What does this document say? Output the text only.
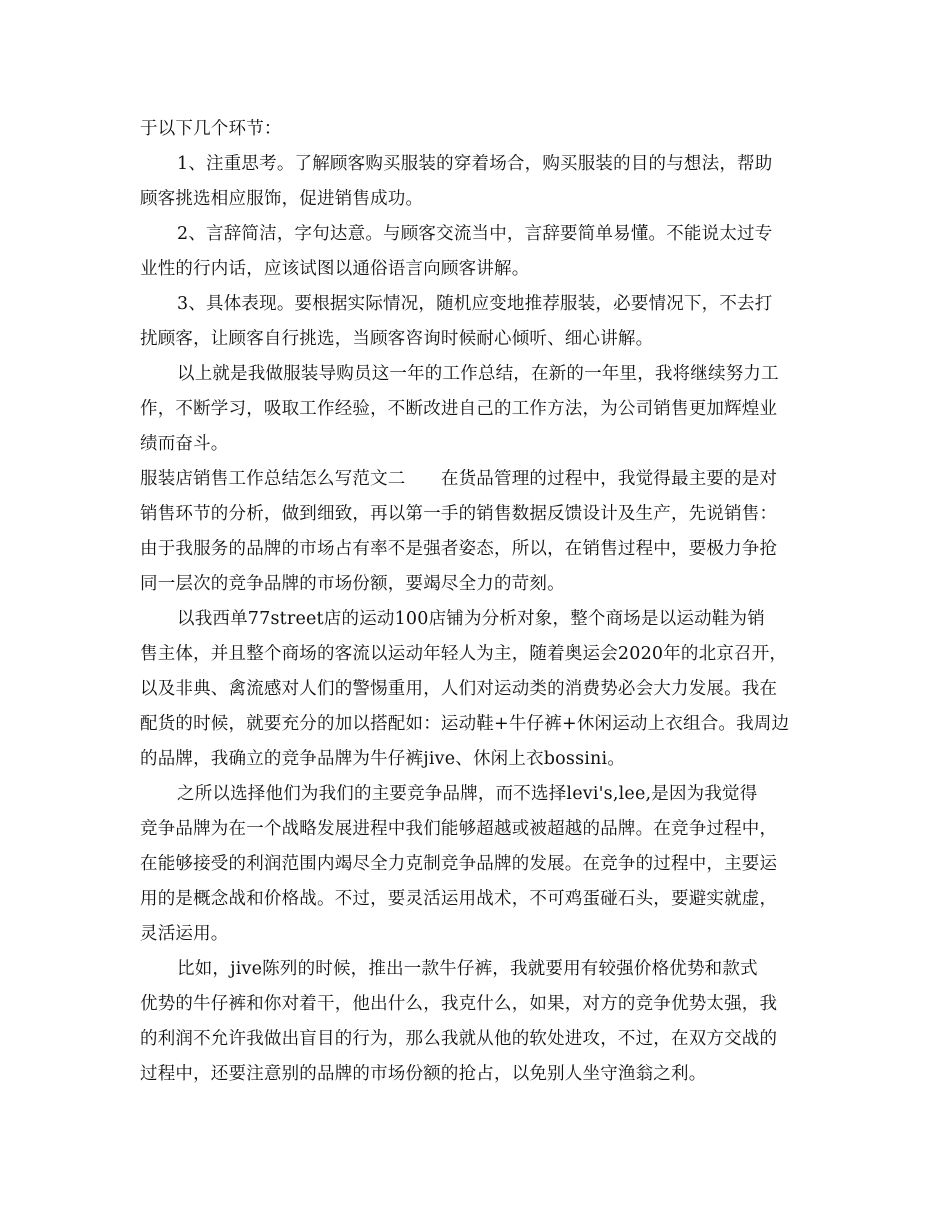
于以下几个环节：
1、注重思考。了解顾客购买服装的穿着场合，购买服装的目的与想法，帮助
顾客挑选相应服饰，促进销售成功。
2、言辞简洁，字句达意。与顾客交流当中，言辞要简单易懂。不能说太过专
业性的行内话，应该试图以通俗语言向顾客讲解。
3、具体表现。要根据实际情况，随机应变地推荐服装，必要情况下，不去打
扰顾客，让顾客自行挑选，当顾客咨询时候耐心倾听、细心讲解。
以上就是我做服装导购员这一年的工作总结，在新的一年里，我将继续努力工
作，不断学习，吸取工作经验，不断改进自己的工作方法，为公司销售更加辉煌业
绩而奋斗。
服装店销售工作总结怎么写范文二　　在货品管理的过程中，我觉得最主要的是对
销售环节的分析，做到细致，再以第一手的销售数据反馈设计及生产，先说销售：
由于我服务的品牌的市场占有率不是强者姿态，所以，在销售过程中，要极力争抢
同一层次的竞争品牌的市场份额，要竭尽全力的苛刻。
以我西单77street店的运动100店铺为分析对象，整个商场是以运动鞋为销
售主体，并且整个商场的客流以运动年轻人为主，随着奥运会2020年的北京召开，
以及非典、禽流感对人们的警惕重用，人们对运动类的消费势必会大力发展。我在
配货的时候，就要充分的加以搭配如：运动鞋+牛仔裤+休闲运动上衣组合。我周边
的品牌，我确立的竞争品牌为牛仔裤jive、休闲上衣bossini。
之所以选择他们为我们的主要竞争品牌，而不选择levi's,lee,是因为我觉得
竞争品牌为在一个战略发展进程中我们能够超越或被超越的品牌。在竞争过程中，
在能够接受的利润范围内竭尽全力克制竞争品牌的发展。在竞争的过程中，主要运
用的是概念战和价格战。不过，要灵活运用战术，不可鸡蛋碰石头，要避实就虚，
灵活运用。
比如，jive陈列的时候，推出一款牛仔裤，我就要用有较强价格优势和款式
优势的牛仔裤和你对着干，他出什么，我克什么，如果，对方的竞争优势太强，我
的利润不允许我做出盲目的行为，那么我就从他的软处进攻，不过，在双方交战的
过程中，还要注意别的品牌的市场份额的抢占，以免别人坐守渔翁之利。
